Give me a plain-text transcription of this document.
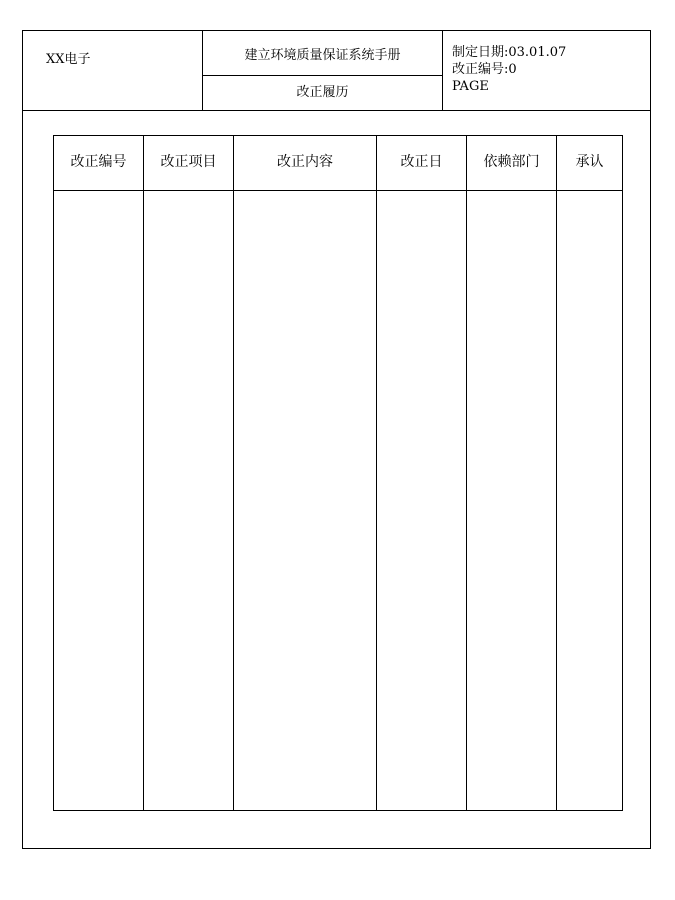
XX电子	建立环境质量保证系统手册
改正履历
制定日期:03.01.07
改正编号:0
PAGE
改正编号	改正项目	改正内容	改正日	依赖部门	承认
